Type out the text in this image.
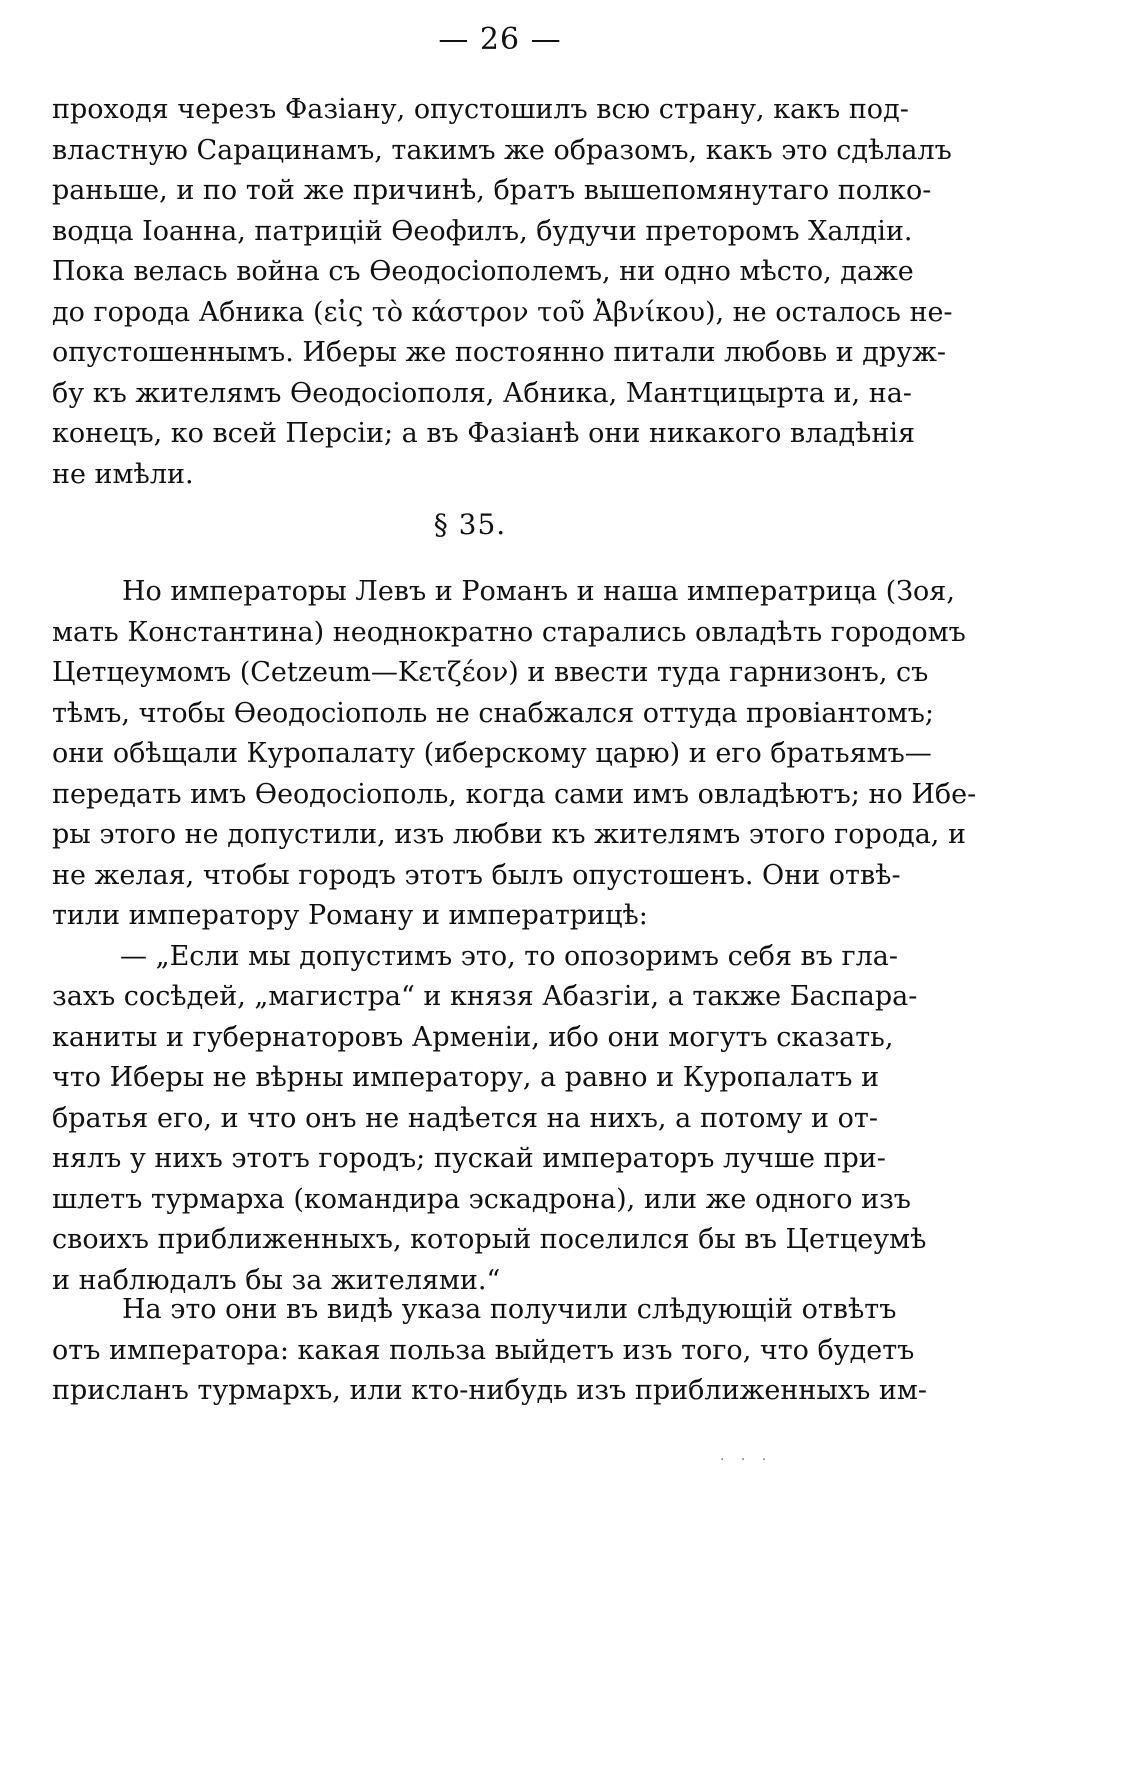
— 26 —
проходя черезъ Фазіану, опустошилъ всю страну, какъ под-
властную Сарацинамъ, такимъ же образомъ, какъ это сдѣлалъ
раньше, и по той же причинѣ, братъ вышепомянутаго полко-
водца Іоанна, патрицій Ѳеофилъ, будучи преторомъ Халдіи.
Пока велась война съ Ѳеодосіополемъ, ни одно мѣсто, даже
до города Абника (εἰς τὸ κάστρον τοῦ Ἀβνίκου), не осталось не-
опустошеннымъ. Иберы же постоянно питали любовь и друж-
бу къ жителямъ Ѳеодосіополя, Абника, Мантцицырта и, на-
конецъ, ко всей Персіи; а въ Фазіанѣ они никакого владѣнія
не имѣли.
§ 35.
Но императоры Левъ и Романъ и наша императрица (Зоя,
мать Константина) неоднократно старались овладѣть городомъ
Цетцеумомъ (Cetzeum—Κετζέον) и ввести туда гарнизонъ, съ
тѣмъ, чтобы Ѳеодосіополь не снабжался оттуда провіантомъ;
они обѣщали Куропалату (иберскому царю) и его братьямъ—
передать имъ Ѳеодосіополь, когда сами имъ овладѣютъ; но Ибе-
ры этого не допустили, изъ любви къ жителямъ этого города, и
не желая, чтобы городъ этотъ былъ опустошенъ. Они отвѣ-
тили императору Роману и императрицѣ:
— „Если мы допустимъ это, то опозоримъ себя въ гла-
захъ сосѣдей, „магистра“ и князя Абазгіи, а также Баспара-
каниты и губернаторовъ Арменіи, ибо они могутъ сказать,
что Иберы не вѣрны императору, а равно и Куропалатъ и
братья его, и что онъ не надѣется на нихъ, а потому и от-
нялъ у нихъ этотъ городъ; пускай императоръ лучше при-
шлетъ турмарха (командира эскадрона), или же одного изъ
своихъ приближенныхъ, который поселился бы въ Цетцеумѣ
и наблюдалъ бы за жителями.“
На это они въ видѣ указа получили слѣдующій отвѣтъ
отъ императора: какая польза выйдетъ изъ того, что будетъ
присланъ турмархъ, или кто-нибудь изъ приближенныхъ им-
· · ·
